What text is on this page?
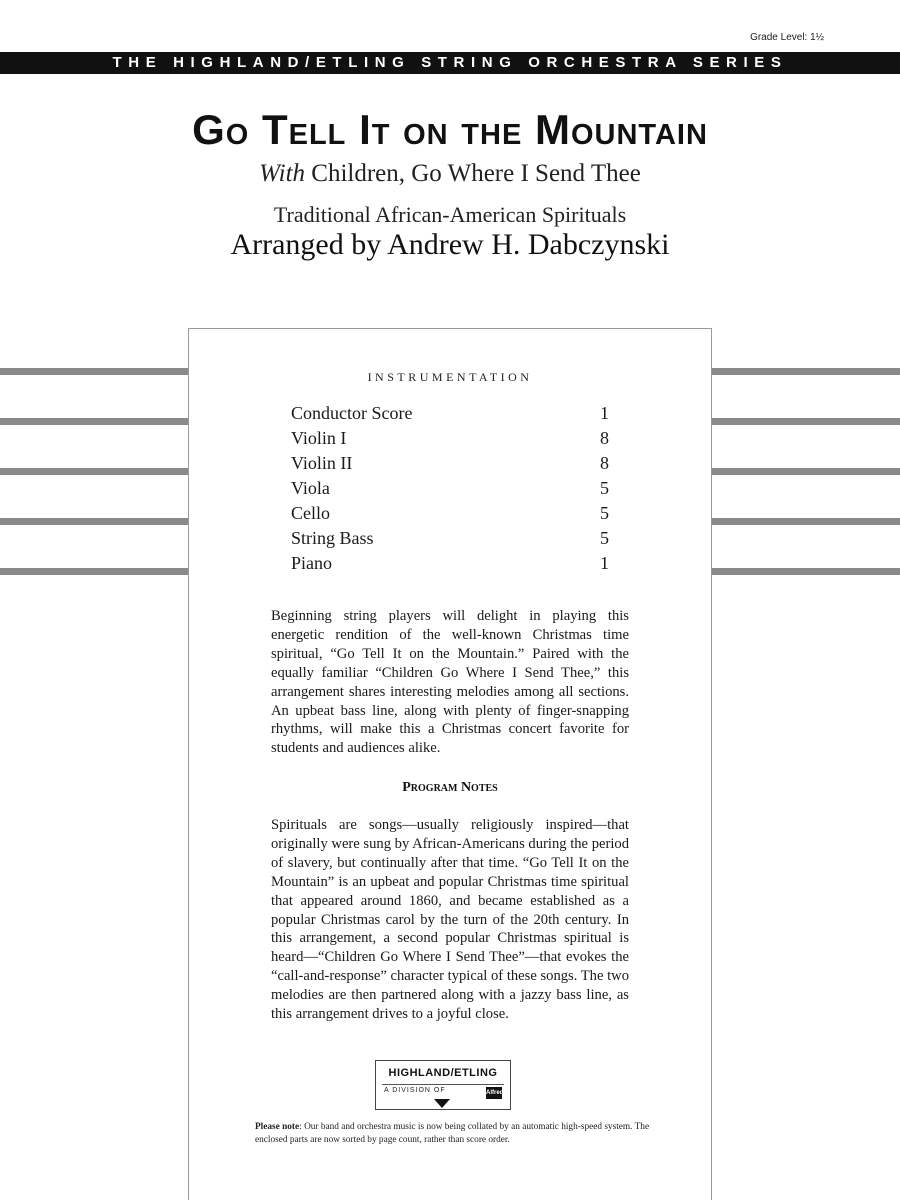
Grade Level: 1½
THE HIGHLAND/ETLING STRING ORCHESTRA SERIES
Go Tell It on the Mountain
With Children, Go Where I Send Thee
Traditional African-American Spirituals
Arranged by Andrew H. Dabczynski
INSTRUMENTATION
Conductor Score	1
Violin I	8
Violin II	8
Viola	5
Cello	5
String Bass	5
Piano	1

Beginning string players will delight in playing this energetic rendition of the well-known Christmas time spiritual, “Go Tell It on the Mountain.” Paired with the equally familiar “Children Go Where I Send Thee,” this arrangement shares interesting melodies among all sections. An upbeat bass line, along with plenty of finger-snapping rhythms, will make this a Christmas concert favorite for students and audiences alike.

Program Notes

Spirituals are songs—usually religiously inspired—that originally were sung by African-Americans during the period of slavery, but continually after that time. “Go Tell It on the Mountain” is an upbeat and popular Christmas time spiritual that appeared around 1860, and became established as a popular Christmas carol by the turn of the 20th century. In this arrangement, a second popular Christmas spiritual is heard—“Children Go Where I Send Thee”—that evokes the “call-and-response” character typical of these songs. The two melodies are then partnered along with a jazzy bass line, as this arrangement drives to a joyful close.

HIGHLAND/ETLING
A DIVISION OF	Alfred

Please note: Our band and orchestra music is now being collated by an automatic high-speed system. The enclosed parts are now sorted by page count, rather than score order.
